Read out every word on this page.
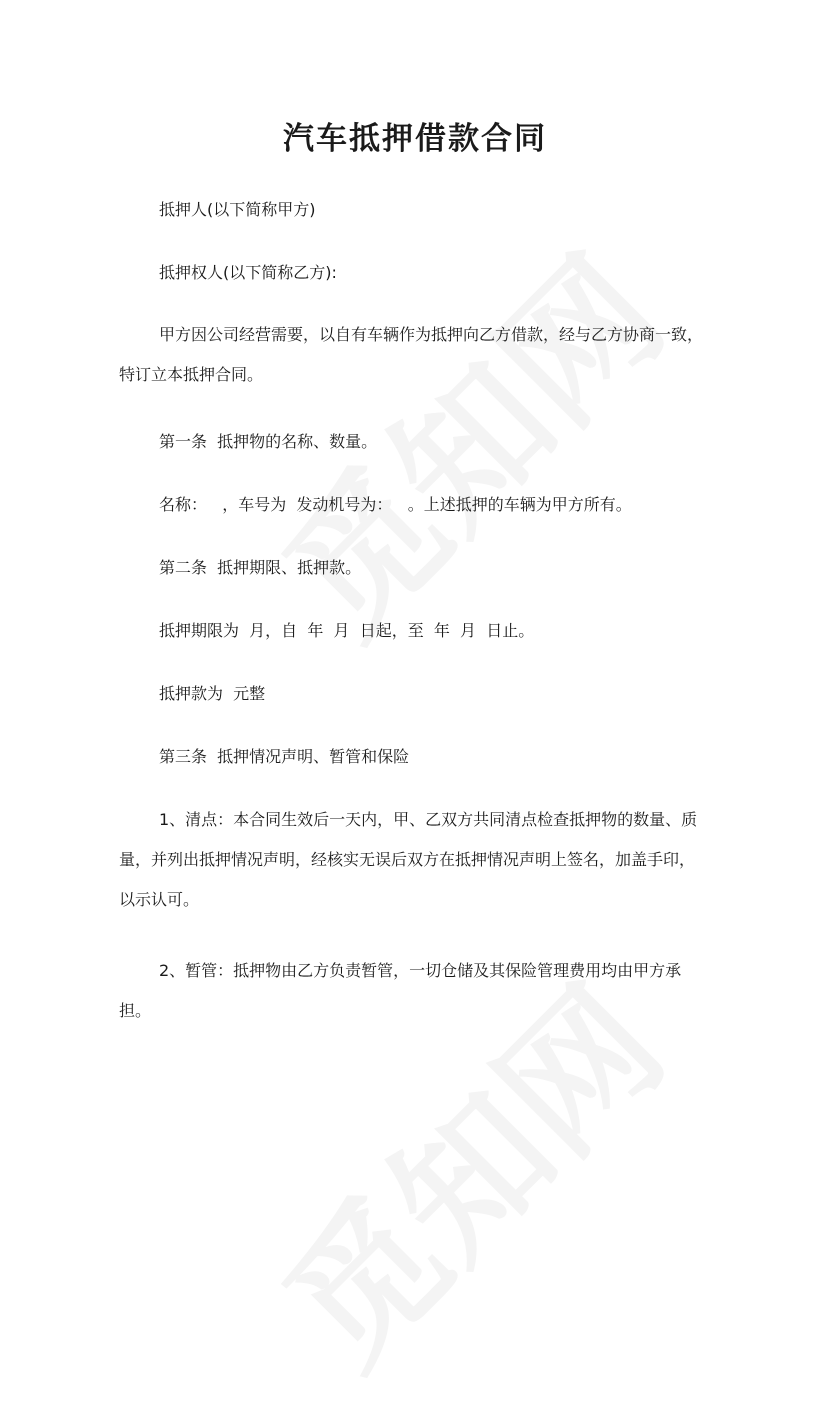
汽车抵押借款合同

抵押人(以下简称甲方)

抵押权人(以下简称乙方):

甲方因公司经营需要，以自有车辆作为抵押向乙方借款，经与乙方协商一致，特订立本抵押合同。

第一条  抵押物的名称、数量。

名称：   ，车号为  发动机号为：   。上述抵押的车辆为甲方所有。

第二条  抵押期限、抵押款。

抵押期限为  月，自  年  月  日起，至  年  月  日止。

抵押款为  元整

第三条  抵押情况声明、暂管和保险

1、清点：本合同生效后一天内，甲、乙双方共同清点检查抵押物的数量、质量，并列出抵押情况声明，经核实无误后双方在抵押情况声明上签名，加盖手印，以示认可。

2、暂管：抵押物由乙方负责暂管，一切仓储及其保险管理费用均由甲方承担。
